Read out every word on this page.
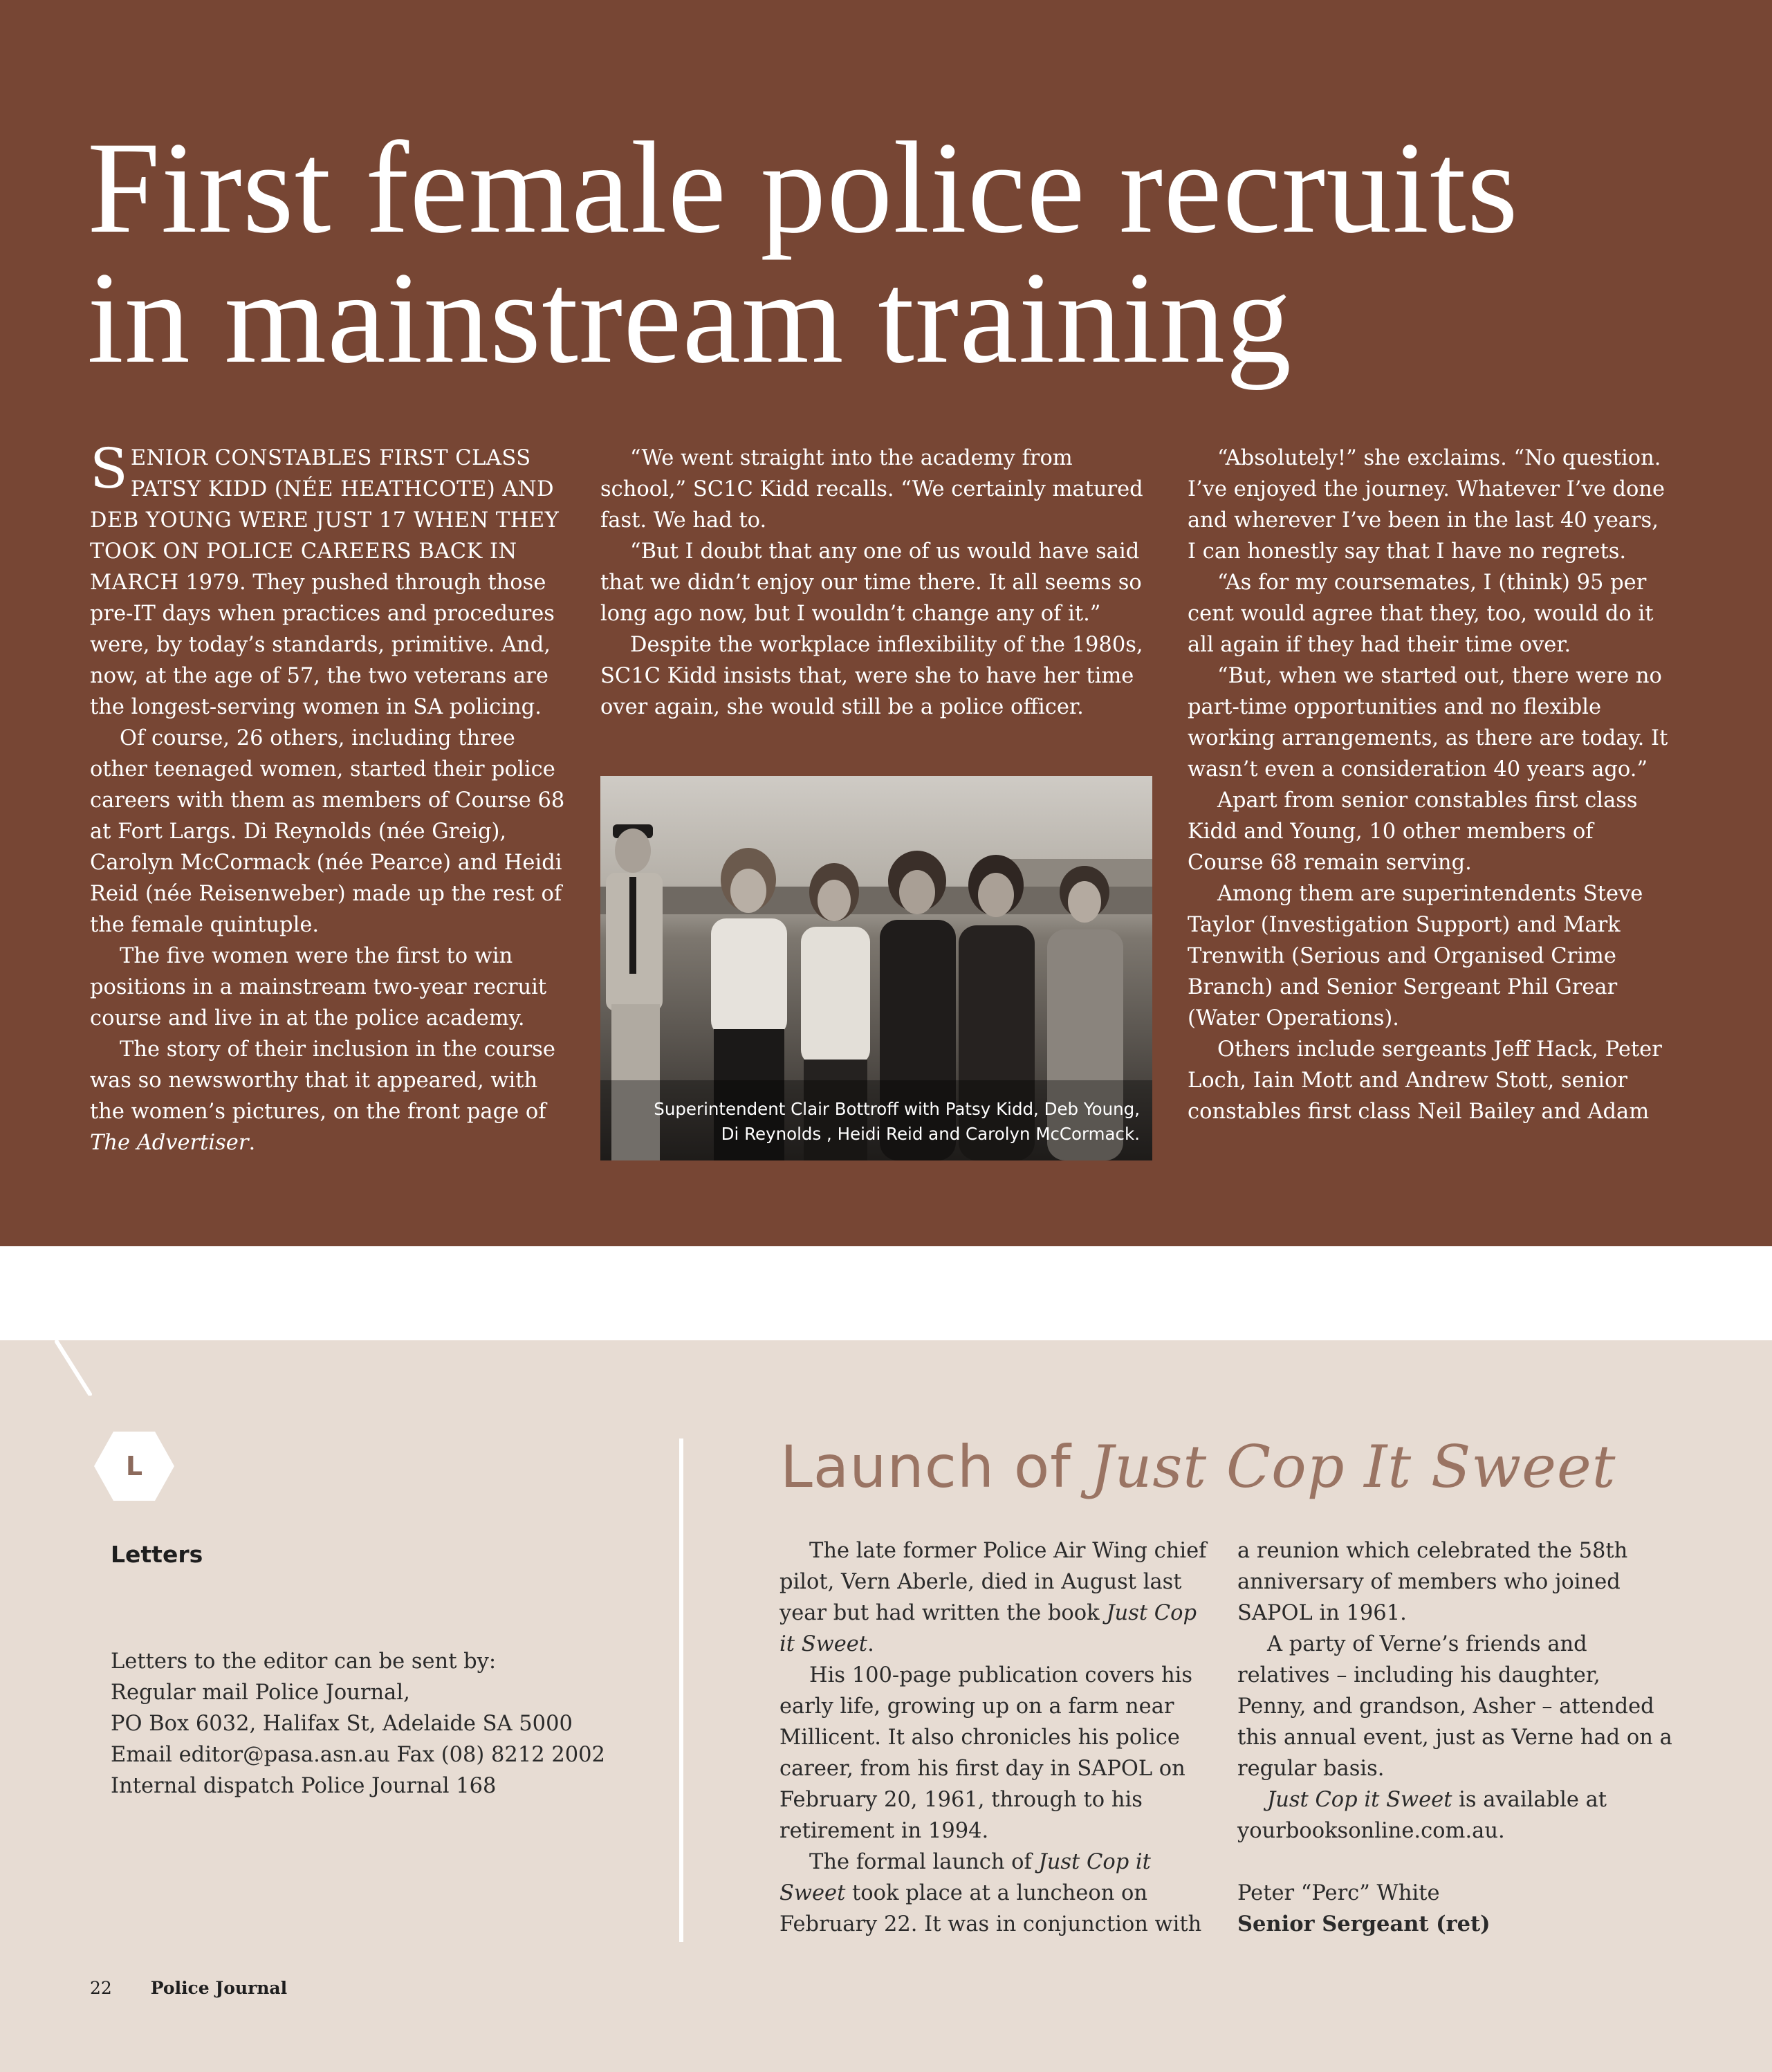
First female police recruits
in mainstream training

SENIOR CONSTABLES FIRST CLASS PATSY KIDD (NÉE HEATHCOTE) AND DEB YOUNG WERE JUST 17 WHEN THEY TOOK ON POLICE CAREERS BACK IN MARCH 1979. They pushed through those pre-IT days when practices and procedures were, by today’s standards, primitive. And, now, at the age of 57, the two veterans are the longest-serving women in SA policing.

Of course, 26 others, including three other teenaged women, started their police careers with them as members of Course 68 at Fort Largs. Di Reynolds (née Greig), Carolyn McCormack (née Pearce) and Heidi Reid (née Reisenweber) made up the rest of the female quintuple.

The five women were the first to win positions in a mainstream two-year recruit course and live in at the police academy.

The story of their inclusion in the course was so newsworthy that it appeared, with the women’s pictures, on the front page of The Advertiser.

“We went straight into the academy from school,” SC1C Kidd recalls. “We certainly matured fast. We had to.

“But I doubt that any one of us would have said that we didn’t enjoy our time there. It all seems so long ago now, but I wouldn’t change any of it.”

Despite the workplace inflexibility of the 1980s, SC1C Kidd insists that, were she to have her time over again, she would still be a police officer.

Superintendent Clair Bottroff with Patsy Kidd, Deb Young,
Di Reynolds , Heidi Reid and Carolyn McCormack.

“Absolutely!” she exclaims. “No question. I’ve enjoyed the journey. Whatever I’ve done and wherever I’ve been in the last 40 years, I can honestly say that I have no regrets.

“As for my coursemates, I (think) 95 per cent would agree that they, too, would do it all again if they had their time over.

“But, when we started out, there were no part-time opportunities and no flexible working arrangements, as there are today. It wasn’t even a consideration 40 years ago.”

Apart from senior constables first class Kidd and Young, 10 other members of Course 68 remain serving.

Among them are superintendents Steve Taylor (Investigation Support) and Mark Trenwith (Serious and Organised Crime Branch) and Senior Sergeant Phil Grear (Water Operations).

Others include sergeants Jeff Hack, Peter Loch, Iain Mott and Andrew Stott, senior constables first class Neil Bailey and Adam

L
Letters
Letters to the editor can be sent by:
Regular mail Police Journal,
PO Box 6032, Halifax St, Adelaide SA 5000
Email editor@pasa.asn.au Fax (08) 8212 2002
Internal dispatch Police Journal 168
Launch of Just Cop It Sweet

The late former Police Air Wing chief pilot, Vern Aberle, died in August last year but had written the book Just Cop it Sweet.

His 100-page publication covers his early life, growing up on a farm near Millicent. It also chronicles his police career, from his first day in SAPOL on February 20, 1961, through to his retirement in 1994.

The formal launch of Just Cop it Sweet took place at a luncheon on February 22. It was in conjunction with

a reunion which celebrated the 58th anniversary of members who joined SAPOL in 1961.

A party of Verne’s friends and relatives – including his daughter, Penny, and grandson, Asher – attended this annual event, just as Verne had on a regular basis.

Just Cop it Sweet is available at yourbooksonline.com.au.

Peter “Perc” White

Senior Sergeant (ret)

22 Police Journal
